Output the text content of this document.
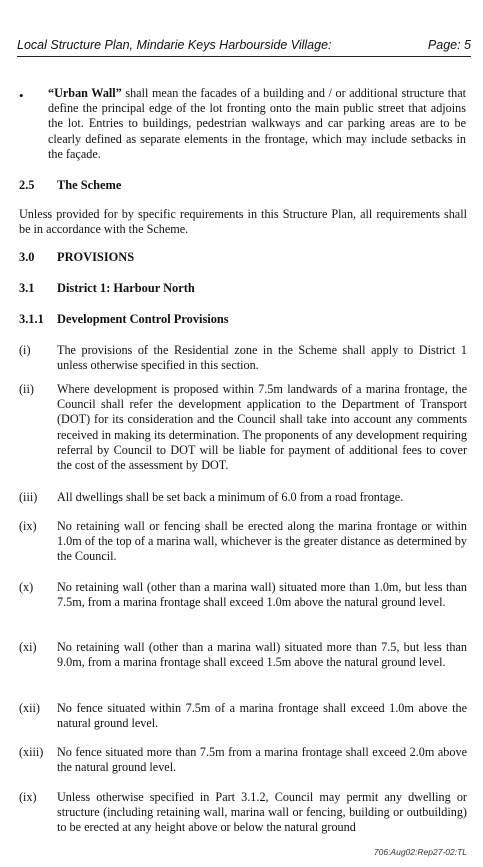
Local Structure Plan, Mindarie Keys Harbourside Village:	Page: 5
• “Urban Wall” shall mean the facades of a building and / or additional structure that define the principal edge of the lot fronting onto the main public street that adjoins the lot. Entries to buildings, pedestrian walkways and car parking areas are to be clearly defined as separate elements in the frontage, which may include setbacks in the façade.
2.5 The Scheme
Unless provided for by specific requirements in this Structure Plan, all requirements shall be in accordance with the Scheme.
3.0 PROVISIONS
3.1 District 1: Harbour North
3.1.1 Development Control Provisions
(i) The provisions of the Residential zone in the Scheme shall apply to District 1 unless otherwise specified in this section.
(ii) Where development is proposed within 7.5m landwards of a marina frontage, the Council shall refer the development application to the Department of Transport (DOT) for its consideration and the Council shall take into account any comments received in making its determination. The proponents of any development requiring referral by Council to DOT will be liable for payment of additional fees to cover the cost of the assessment by DOT.
(iii) All dwellings shall be set back a minimum of 6.0 from a road frontage.
(ix) No retaining wall or fencing shall be erected along the marina frontage or within 1.0m of the top of a marina wall, whichever is the greater distance as determined by the Council.
(x) No retaining wall (other than a marina wall) situated more than 1.0m, but less than 7.5m, from a marina frontage shall exceed 1.0m above the natural ground level.
(xi) No retaining wall (other than a marina wall) situated more than 7.5, but less than 9.0m, from a marina frontage shall exceed 1.5m above the natural ground level.
(xii) No fence situated within 7.5m of a marina frontage shall exceed 1.0m above the natural ground level.
(xiii) No fence situated more than 7.5m from a marina frontage shall exceed 2.0m above the natural ground level.
(ix) Unless otherwise specified in Part 3.1.2, Council may permit any dwelling or structure (including retaining wall, marina wall or fencing, building or outbuilding) to be erected at any height above or below the natural ground
706:Aug02:Rep27-02:TL
